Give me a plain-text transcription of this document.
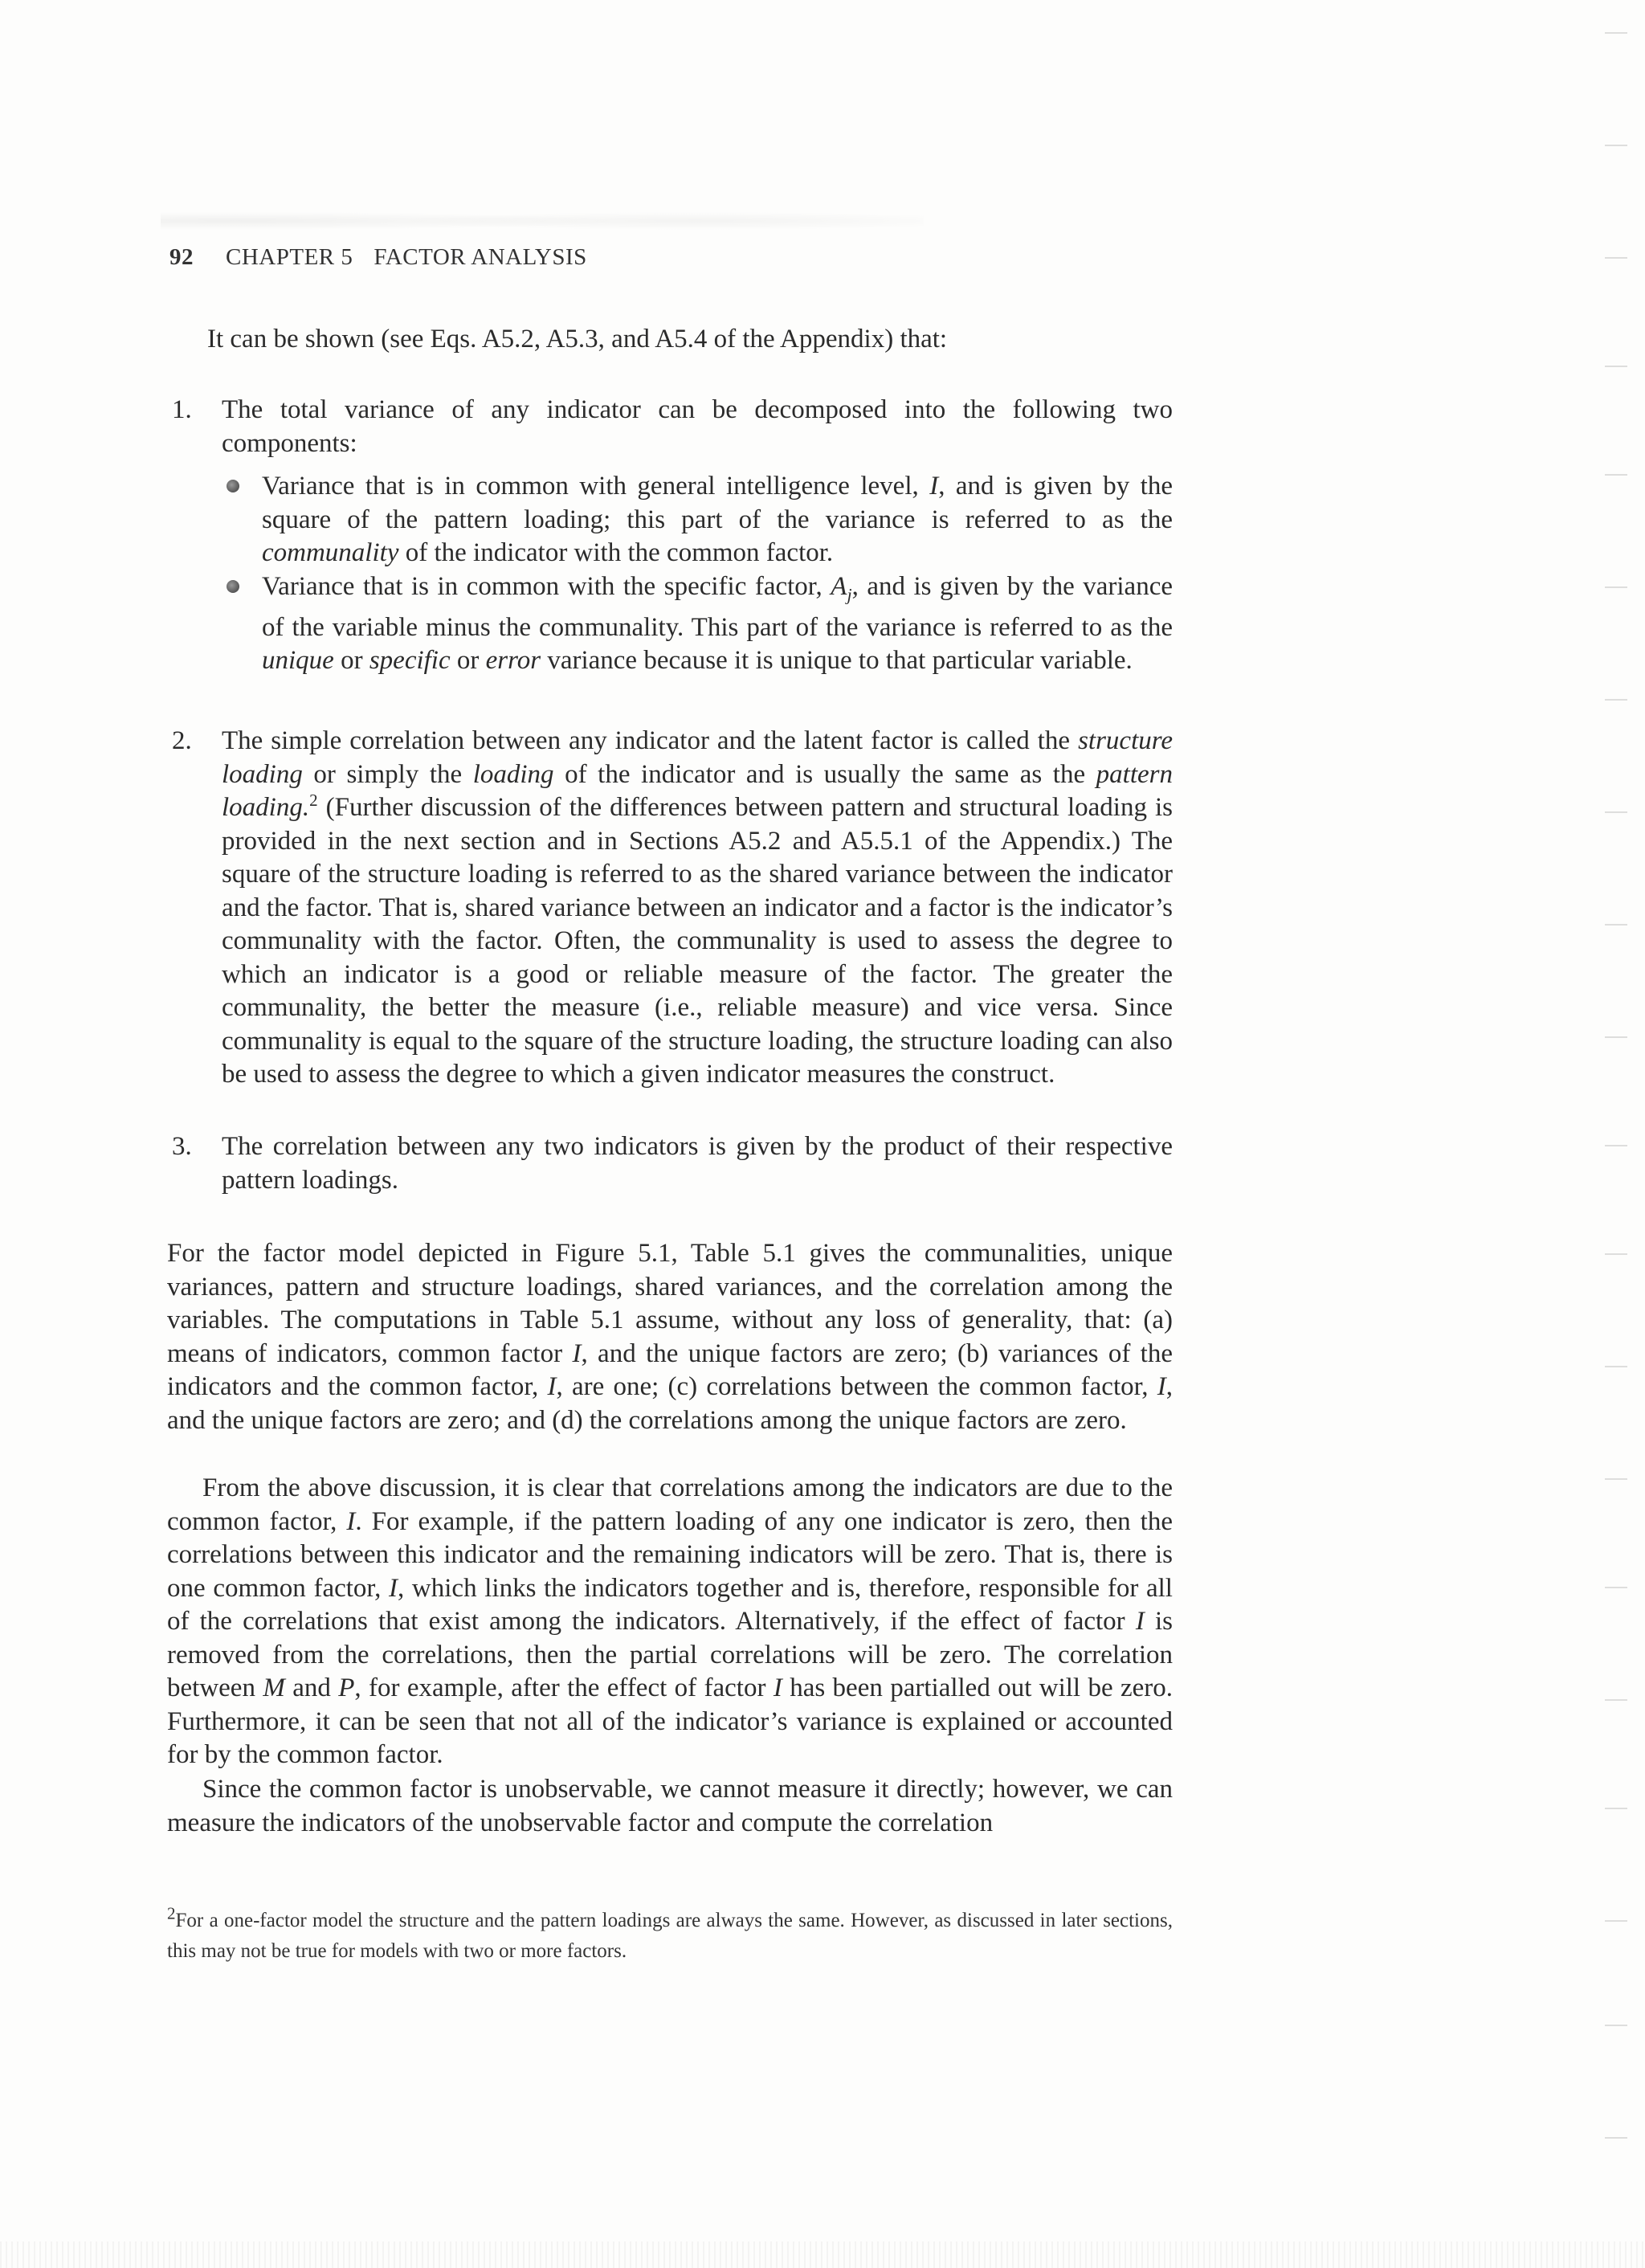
92 CHAPTER 5 FACTOR ANALYSIS
It can be shown (see Eqs. A5.2, A5.3, and A5.4 of the Appendix) that:
1. The total variance of any indicator can be decomposed into the following two components:
Variance that is in common with general intelligence level, I, and is given by the square of the pattern loading; this part of the variance is referred to as the communality of the indicator with the common factor.
Variance that is in common with the specific factor, $A_j$, and is given by the variance of the variable minus the communality. This part of the variance is referred to as the unique or specific or error variance because it is unique to that particular variable.
2. The simple correlation between any indicator and the latent factor is called the structure loading or simply the loading of the indicator and is usually the same as the pattern loading.$^2$ (Further discussion of the differences between pattern and structural loading is provided in the next section and in Sections A5.2 and A5.5.1 of the Appendix.) The square of the structure loading is referred to as the shared variance between the indicator and the factor. That is, shared variance between an indicator and a factor is the indicator’s communality with the factor. Often, the communality is used to assess the degree to which an indicator is a good or reliable measure of the factor. The greater the communality, the better the measure (i.e., reliable measure) and vice versa. Since communality is equal to the square of the structure loading, the structure loading can also be used to assess the degree to which a given indicator measures the construct.
3. The correlation between any two indicators is given by the product of their respective pattern loadings.
For the factor model depicted in Figure 5.1, Table 5.1 gives the communalities, unique variances, pattern and structure loadings, shared variances, and the correlation among the variables. The computations in Table 5.1 assume, without any loss of generality, that: (a) means of indicators, common factor I, and the unique factors are zero; (b) variances of the indicators and the common factor, I, are one; (c) correlations between the common factor, I, and the unique factors are zero; and (d) the correlations among the unique factors are zero.
From the above discussion, it is clear that correlations among the indicators are due to the common factor, I. For example, if the pattern loading of any one indicator is zero, then the correlations between this indicator and the remaining indicators will be zero. That is, there is one common factor, I, which links the indicators together and is, therefore, responsible for all of the correlations that exist among the indicators. Alternatively, if the effect of factor I is removed from the correlations, then the partial correlations will be zero. The correlation between M and P, for example, after the effect of factor I has been partialled out will be zero. Furthermore, it can be seen that not all of the indicator’s variance is explained or accounted for by the common factor.
Since the common factor is unobservable, we cannot measure it directly; however, we can measure the indicators of the unobservable factor and compute the correlation
$^2$For a one-factor model the structure and the pattern loadings are always the same. However, as discussed in later sections, this may not be true for models with two or more factors.
